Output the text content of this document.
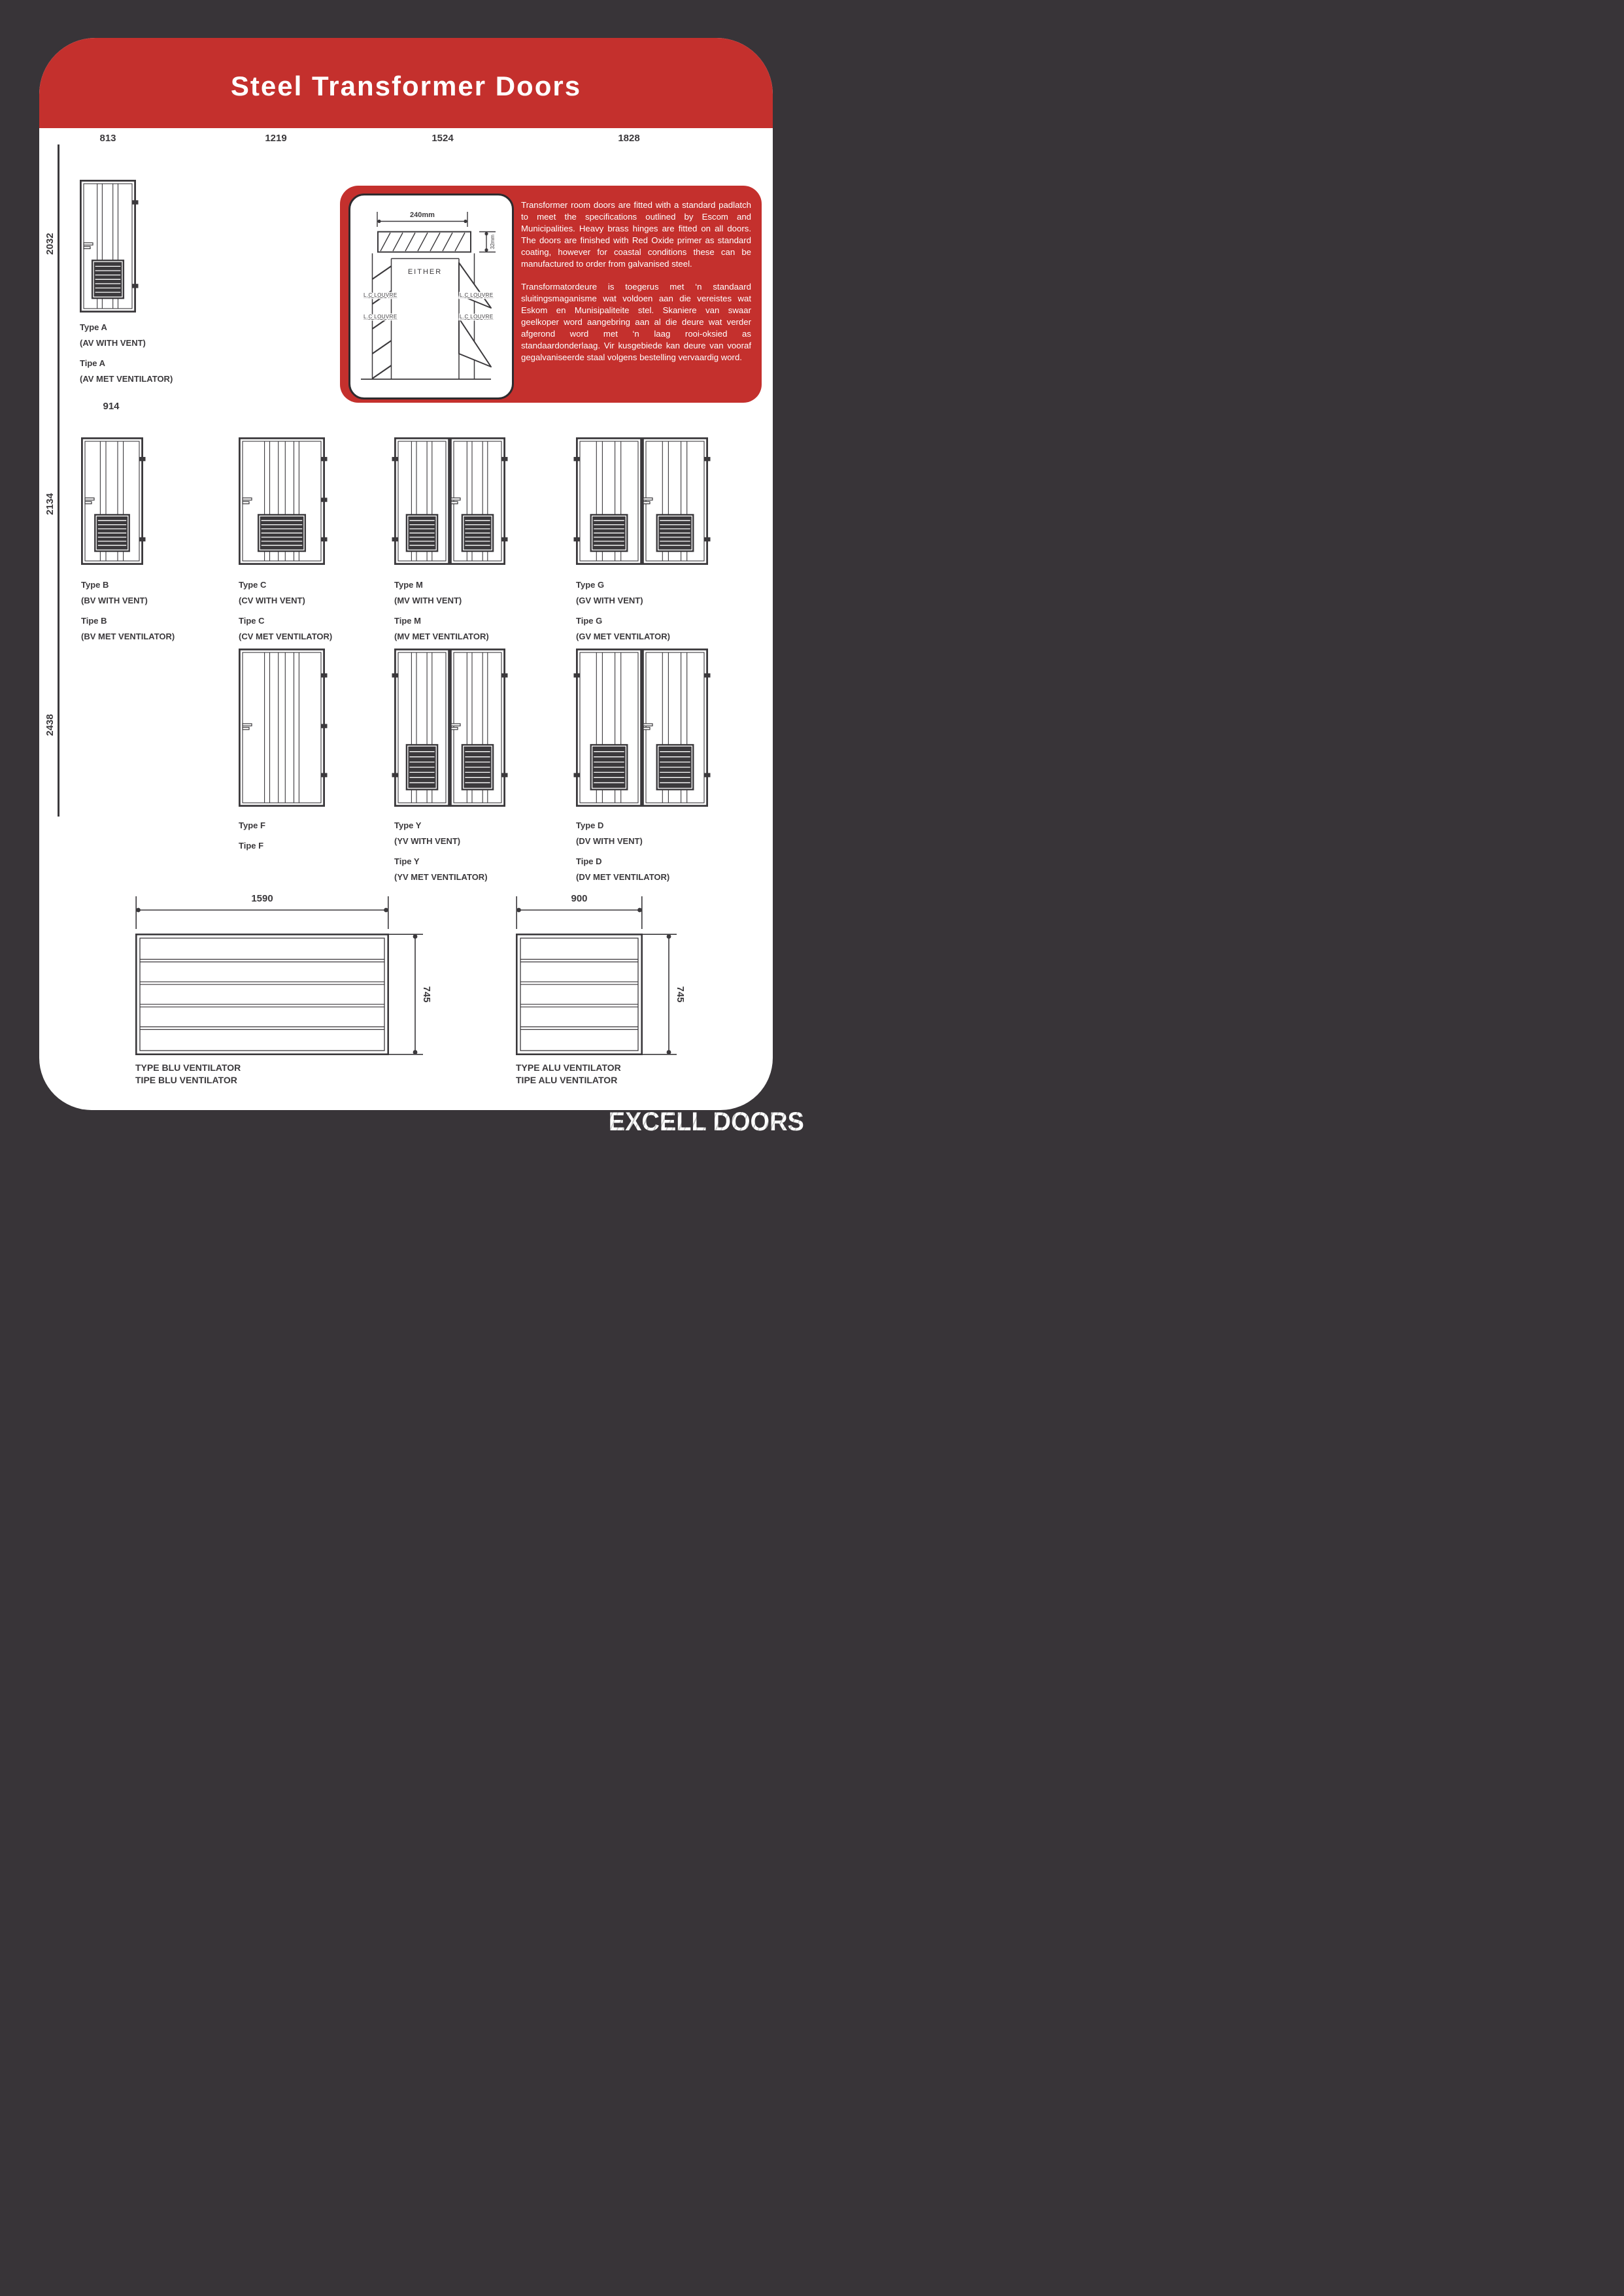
Steel Transformer Doors
813	1219	1524	1828
2032
2134
2438
914
240mm
32mm
EITHER
L.C LOUVRE
L.C LOUVRE
L.C LOUVRE
L.C LOUVRE

Transformer room doors are fitted with a standard padlatch to meet the specifications outlined by Escom and Municipalities. Heavy brass hinges are fitted on all doors. The doors are finished with Red Oxide primer as standard coating, however for coastal conditions these can be manufactured to order from galvanised steel.

Transformatordeure is toegerus met ‘n standaard sluitingsmaganisme wat voldoen aan die vereistes wat Eskom en Munisipaliteite stel. Skaniere van swaar geelkoper word aangebring aan al die deure wat verder afgerond word met ‘n laag rooi-oksied as standaardonderlaag. Vir kusgebiede kan deure van vooraf gegalvaniseerde staal volgens bestelling vervaardig word.

Type A
(AV WITH VENT)
Tipe A
(AV MET VENTILATOR)
Type B
(BV WITH VENT)
Tipe B
(BV MET VENTILATOR)
Type C
(CV WITH VENT)
Tipe C
(CV MET VENTILATOR)
Type M
(MV WITH VENT)
Tipe M
(MV MET VENTILATOR)
Type G
(GV WITH VENT)
Tipe G
(GV MET VENTILATOR)
Type F
Tipe F
Type Y
(YV WITH VENT)
Tipe Y
(YV MET VENTILATOR)
Type D
(DV WITH VENT)
Tipe D
(DV MET VENTILATOR)
1590
745
TYPE BLU VENTILATOR
TIPE BLU VENTILATOR
900
745
TYPE ALU VENTILATOR
TIPE ALU VENTILATOR
EXCELL DOORS
